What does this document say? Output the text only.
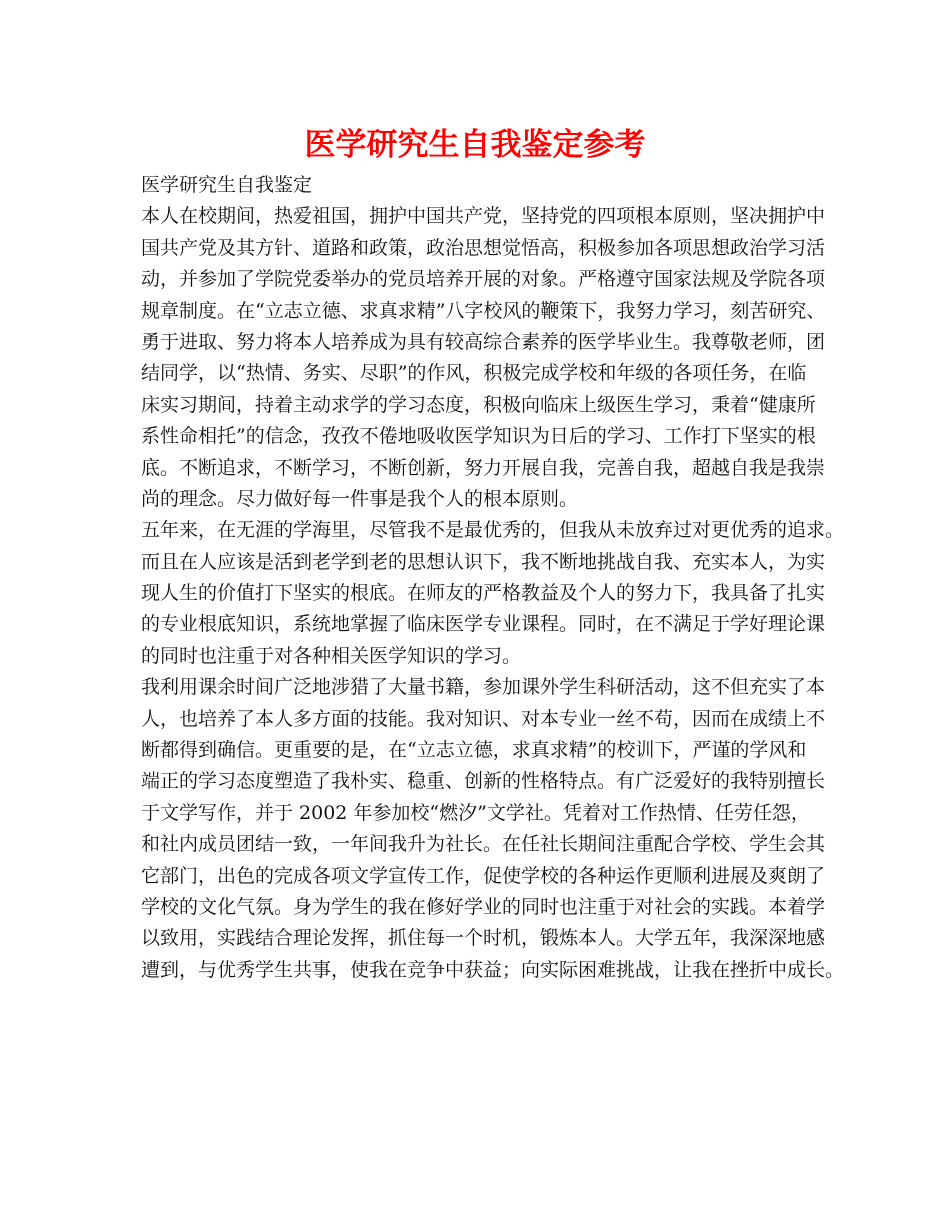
医学研究生自我鉴定参考
医学研究生自我鉴定
本人在校期间，热爱祖国，拥护中国共产党，坚持党的四项根本原则，坚决拥护中
国共产党及其方针、道路和政策，政治思想觉悟高，积极参加各项思想政治学习活
动，并参加了学院党委举办的党员培养开展的对象。严格遵守国家法规及学院各项
规章制度。在“立志立德、求真求精”八字校风的鞭策下，我努力学习，刻苦研究、
勇于进取、努力将本人培养成为具有较高综合素养的医学毕业生。我尊敬老师，团
结同学，以“热情、务实、尽职”的作风，积极完成学校和年级的各项任务，在临
床实习期间，持着主动求学的学习态度，积极向临床上级医生学习，秉着“健康所
系性命相托”的信念，孜孜不倦地吸收医学知识为日后的学习、工作打下坚实的根
底。不断追求，不断学习，不断创新，努力开展自我，完善自我，超越自我是我崇
尚的理念。尽力做好每一件事是我个人的根本原则。
五年来，在无涯的学海里，尽管我不是最优秀的，但我从未放弃过对更优秀的追求。
而且在人应该是活到老学到老的思想认识下，我不断地挑战自我、充实本人，为实
现人生的价值打下坚实的根底。在师友的严格教益及个人的努力下，我具备了扎实
的专业根底知识，系统地掌握了临床医学专业课程。同时，在不满足于学好理论课
的同时也注重于对各种相关医学知识的学习。
我利用课余时间广泛地涉猎了大量书籍，参加课外学生科研活动，这不但充实了本
人，也培养了本人多方面的技能。我对知识、对本专业一丝不苟，因而在成绩上不
断都得到确信。更重要的是，在“立志立德，求真求精”的校训下，严谨的学风和
端正的学习态度塑造了我朴实、稳重、创新的性格特点。有广泛爱好的我特别擅长
于文学写作，并于 2002 年参加校“燃汐”文学社。凭着对工作热情、任劳任怨，
和社内成员团结一致，一年间我升为社长。在任社长期间注重配合学校、学生会其
它部门，出色的完成各项文学宣传工作，促使学校的各种运作更顺利进展及爽朗了
学校的文化气氛。身为学生的我在修好学业的同时也注重于对社会的实践。本着学
以致用，实践结合理论发挥，抓住每一个时机，锻炼本人。大学五年，我深深地感
遭到，与优秀学生共事，使我在竞争中获益；向实际困难挑战，让我在挫折中成长。
